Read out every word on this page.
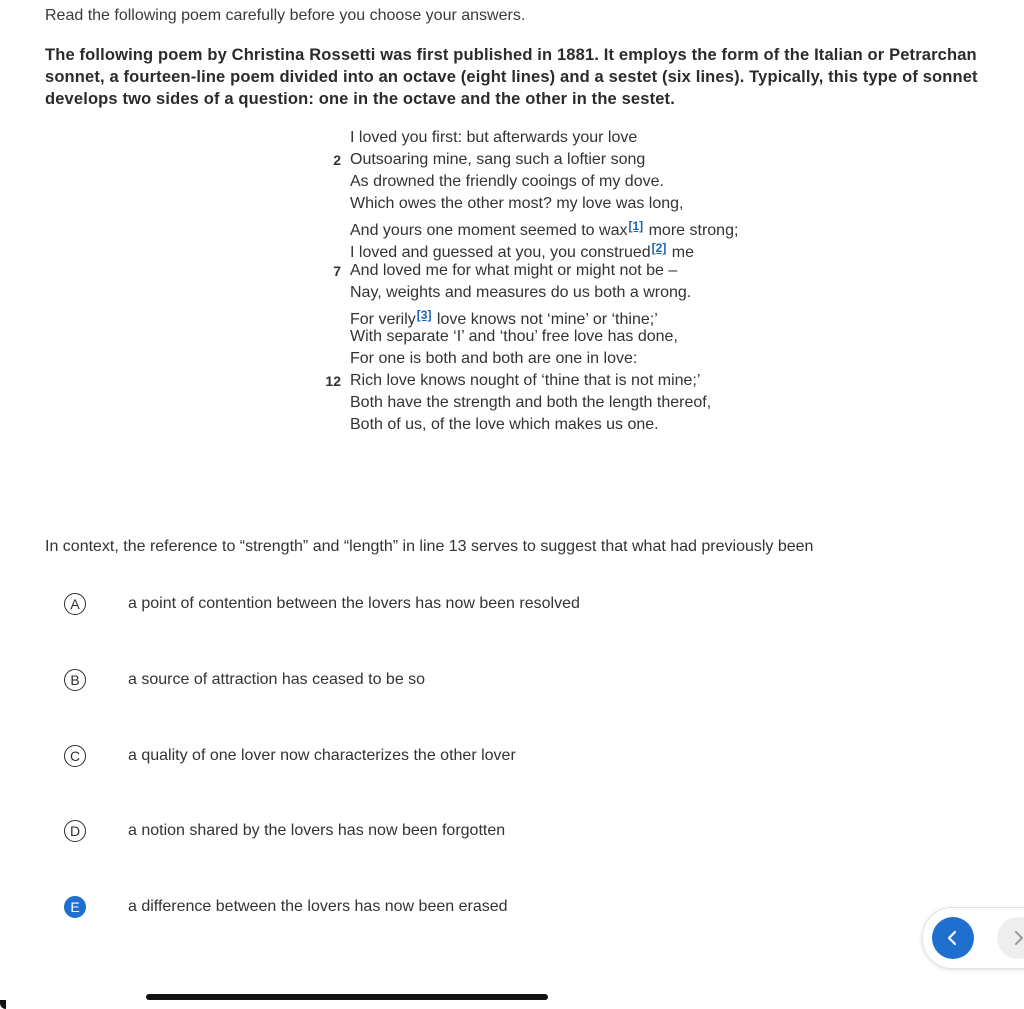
Read the following poem carefully before you choose your answers.

The following poem by Christina Rossetti was first published in 1881. It employs the form of the Italian or Petrarchan sonnet, a fourteen-line poem divided into an octave (eight lines) and a sestet (six lines). Typically, this type of sonnet develops two sides of a question: one in the octave and the other in the sestet.

I loved you first: but afterwards your love
2 Outsoaring mine, sang such a loftier song
As drowned the friendly cooings of my dove.
Which owes the other most? my love was long,
And yours one moment seemed to wax[1] more strong;
I loved and guessed at you, you construed[2] me
7 And loved me for what might or might not be –
Nay, weights and measures do us both a wrong.
For verily[3] love knows not ‘mine’ or ‘thine;’
With separate ‘I’ and ‘thou’ free love has done,
For one is both and both are one in love:
12 Rich love knows nought of ‘thine that is not mine;’
Both have the strength and both the length thereof,
Both of us, of the love which makes us one.

In context, the reference to “strength” and “length” in line 13 serves to suggest that what had previously been

A	a point of contention between the lovers has now been resolved
B	a source of attraction has ceased to be so
C	a quality of one lover now characterizes the other lover
D	a notion shared by the lovers has now been forgotten
E	a difference between the lovers has now been erased
